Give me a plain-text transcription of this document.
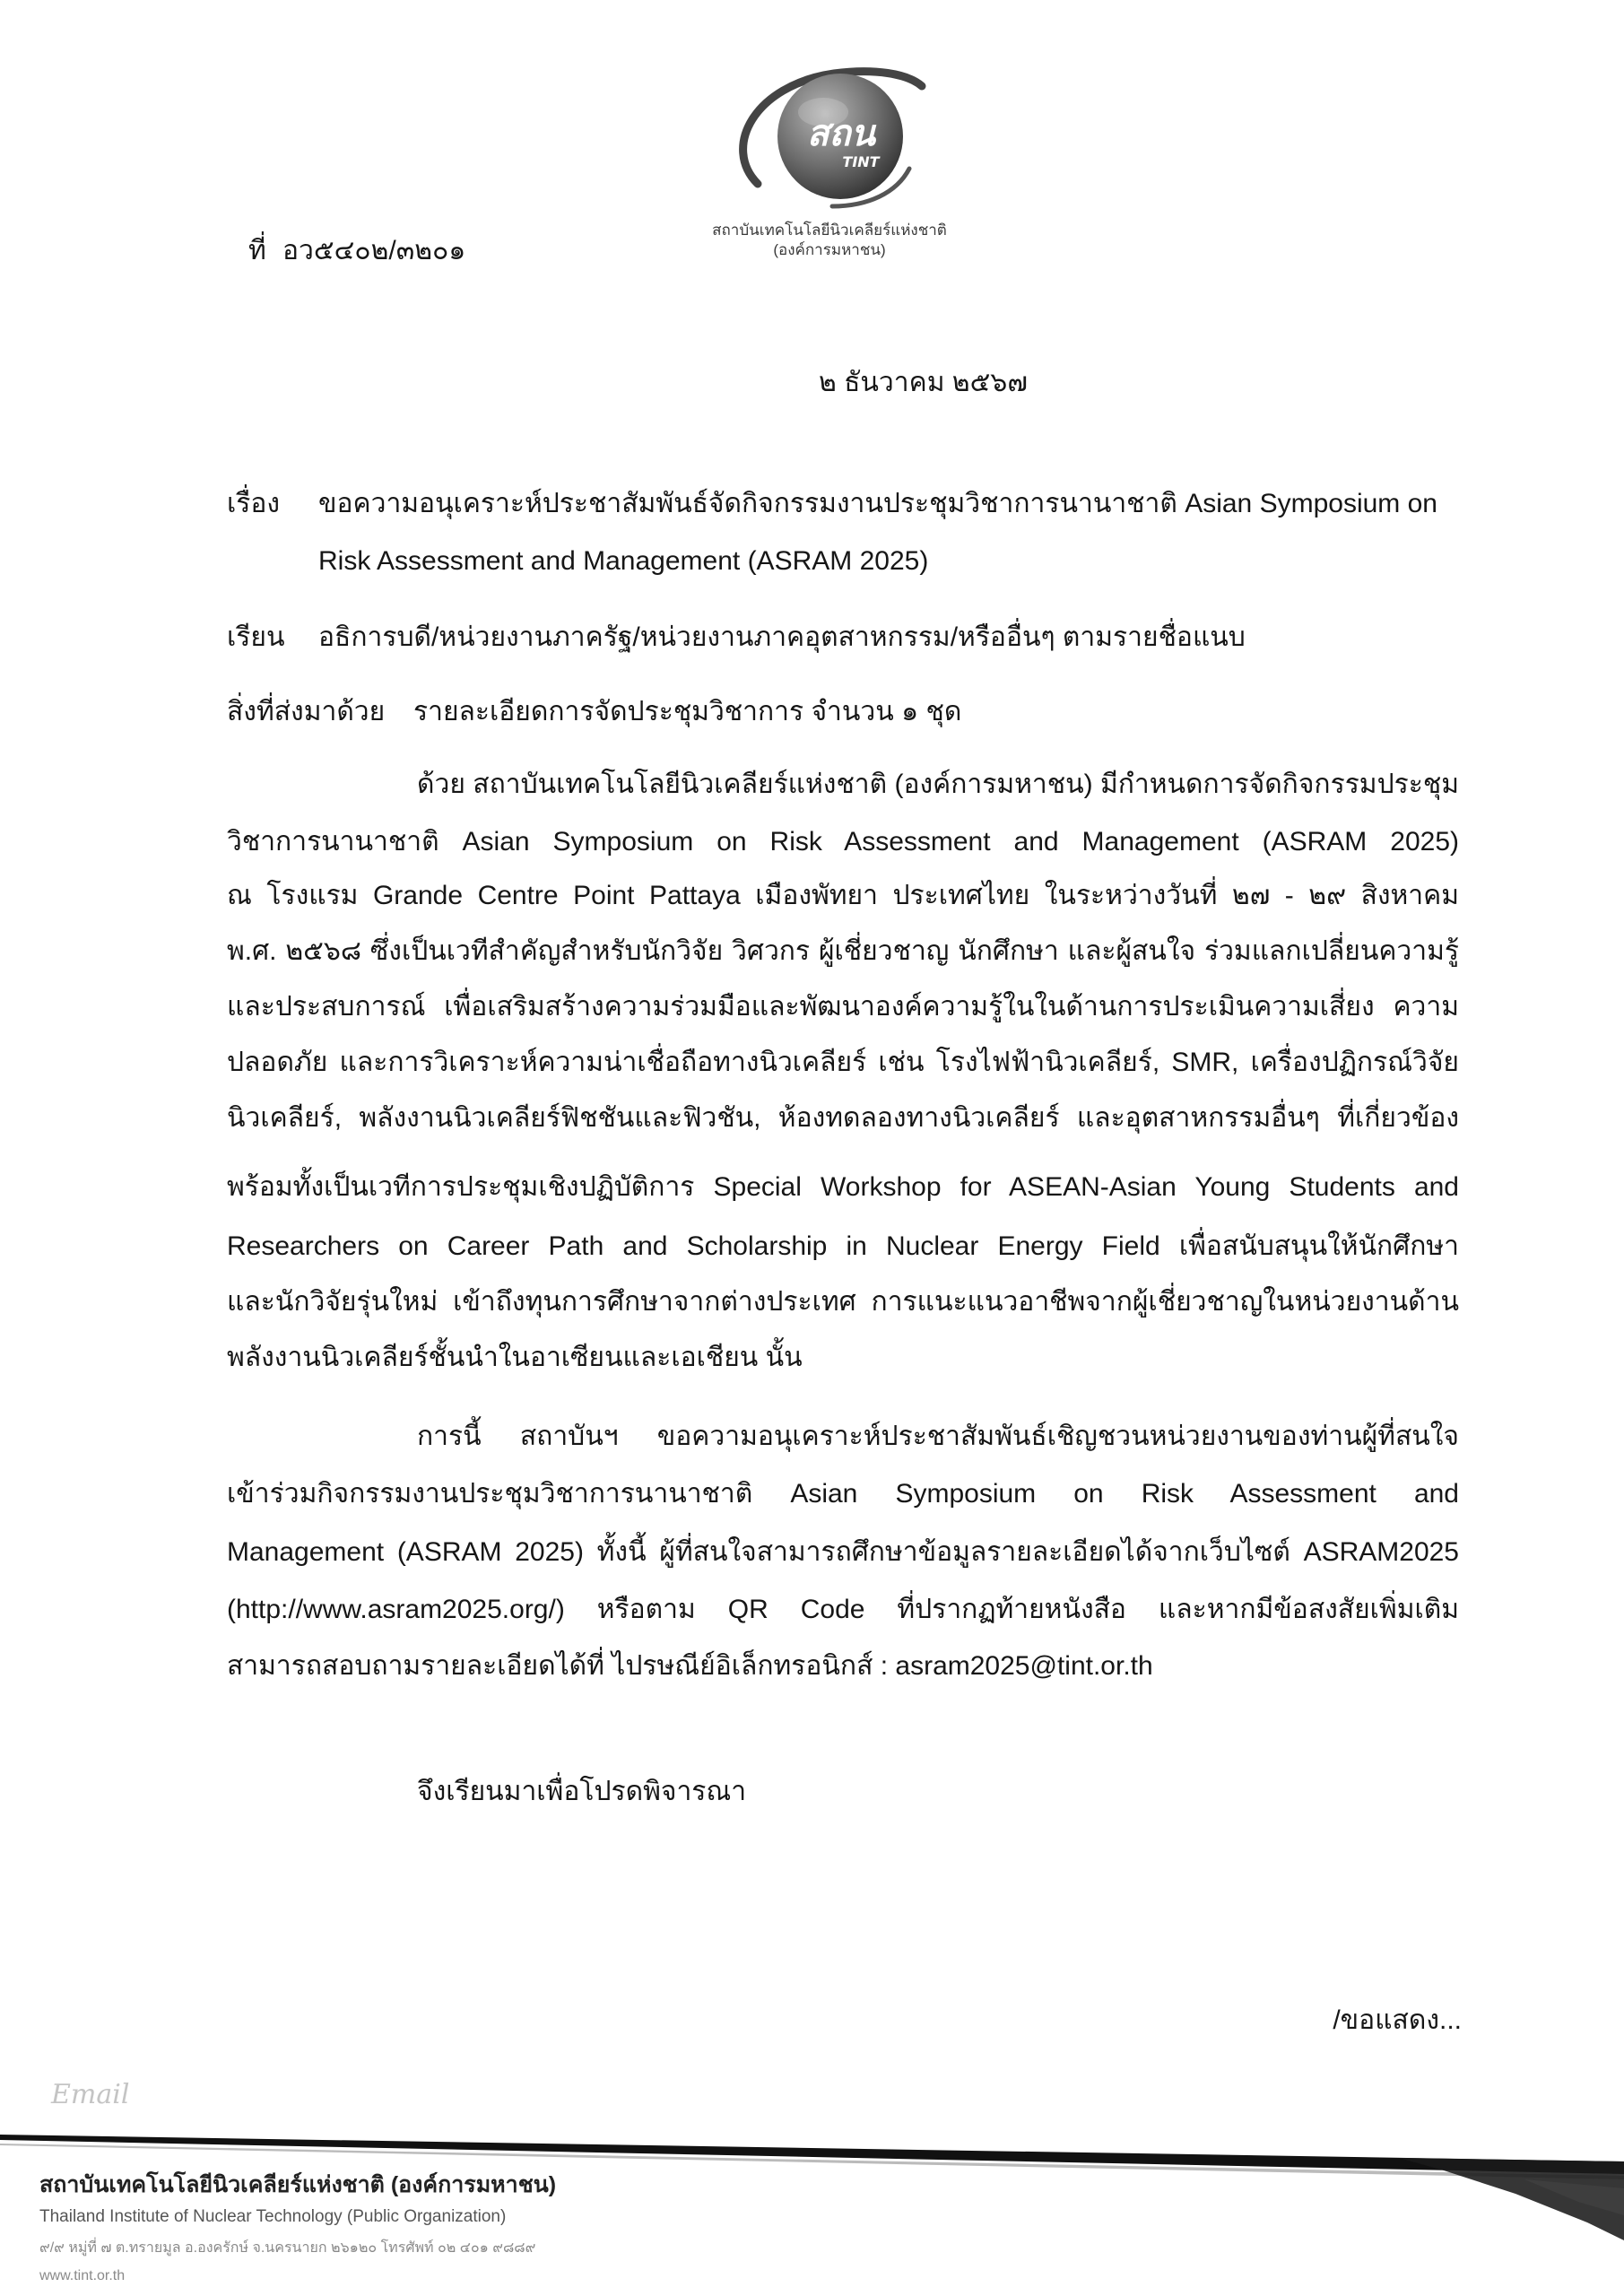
สถน
TINT
สถาบันเทคโนโลยีนิวเคลียร์แห่งชาติ
(องค์การมหาชน)
ที่ อว๕๔๐๒/๓๒๐๑
๒ ธันวาคม ๒๕๖๗
เรื่อง ขอความอนุเคราะห์ประชาสัมพันธ์จัดกิจกรรมงานประชุมวิชาการนานาชาติ Asian Symposium on
Risk Assessment and Management (ASRAM 2025)
เรียน อธิการบดี/หน่วยงานภาครัฐ/หน่วยงานภาคอุตสาหกรรม/หรืออื่นๆ ตามรายชื่อแนบ
สิ่งที่ส่งมาด้วย	รายละเอียดการจัดประชุมวิชาการ จำนวน ๑ ชุด
ด้วย สถาบันเทคโนโลยีนิวเคลียร์แห่งชาติ (องค์การมหาชน) มีกำหนดการจัดกิจกรรมประชุม
วิชาการนานาชาติ Asian Symposium on Risk Assessment and Management (ASRAM 2025)
ณ โรงแรม Grande Centre Point Pattaya เมืองพัทยา ประเทศไทย ในระหว่างวันที่ ๒๗ - ๒๙ สิงหาคม
พ.ศ. ๒๕๖๘ ซึ่งเป็นเวทีสำคัญสำหรับนักวิจัย วิศวกร ผู้เชี่ยวชาญ นักศึกษา และผู้สนใจ ร่วมแลกเปลี่ยนความรู้
และประสบการณ์ เพื่อเสริมสร้างความร่วมมือและพัฒนาองค์ความรู้ในในด้านการประเมินความเสี่ยง ความ
ปลอดภัย และการวิเคราะห์ความน่าเชื่อถือทางนิวเคลียร์ เช่น โรงไฟฟ้านิวเคลียร์, SMR, เครื่องปฏิกรณ์วิจัย
นิวเคลียร์, พลังงานนิวเคลียร์ฟิชชันและฟิวชัน, ห้องทดลองทางนิวเคลียร์ และอุตสาหกรรมอื่นๆ ที่เกี่ยวข้อง
พร้อมทั้งเป็นเวทีการประชุมเชิงปฏิบัติการ Special Workshop for ASEAN-Asian Young Students and
Researchers on Career Path and Scholarship in Nuclear Energy Field เพื่อสนับสนุนให้นักศึกษา
และนักวิจัยรุ่นใหม่ เข้าถึงทุนการศึกษาจากต่างประเทศ การแนะแนวอาชีพจากผู้เชี่ยวชาญในหน่วยงานด้าน
พลังงานนิวเคลียร์ชั้นนำในอาเซียนและเอเชียน นั้น
การนี้ สถาบันฯ ขอความอนุเคราะห์ประชาสัมพันธ์เชิญชวนหน่วยงานของท่านผู้ที่สนใจ
เข้าร่วมกิจกรรมงานประชุมวิชาการนานาชาติ Asian Symposium on Risk Assessment and
Management (ASRAM 2025) ทั้งนี้ ผู้ที่สนใจสามารถศึกษาข้อมูลรายละเอียดได้จากเว็บไซต์ ASRAM2025
(http://www.asram2025.org/) หรือตาม QR Code ที่ปรากฏท้ายหนังสือ และหากมีข้อสงสัยเพิ่มเติม
สามารถสอบถามรายละเอียดได้ที่ ไปรษณีย์อิเล็กทรอนิกส์ : asram2025@tint.or.th
จึงเรียนมาเพื่อโปรดพิจารณา
/ขอแสดง...
Email
สถาบันเทคโนโลยีนิวเคลียร์แห่งชาติ (องค์การมหาชน)
Thailand Institute of Nuclear Technology (Public Organization)
๙/๙ หมู่ที่ ๗ ต.ทรายมูล อ.องครักษ์ จ.นครนายก ๒๖๑๒๐ โทรศัพท์ ๐๒ ๔๐๑ ๙๘๘๙
www.tint.or.th
